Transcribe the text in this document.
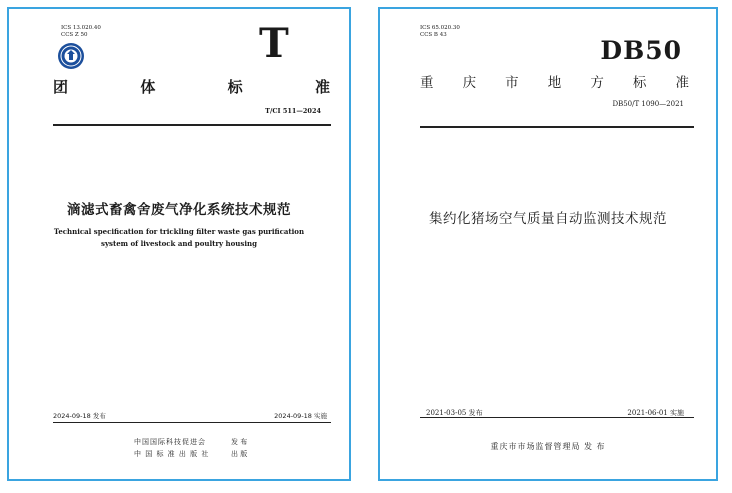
ICS 13.020.40
CCS Z 50	T
团	体	标	准
T/CI 511—2024
滴滤式畜禽舍废气净化系统技术规范
Technical specification for trickling filter waste gas purification system of livestock and poultry housing
2024-09-18 发布	2024-09-18 实施
中国国际科技促进会	发 布
中 国 标 准 出 版 社	出 版
ICS 65.020.30
CCS B 43
DB50
重 庆 市 地 方 标 准
DB50/T 1090—2021
集约化猪场空气质量自动监测技术规范
2021-03-05 发布	2021-06-01 实施
重庆市市场监督管理局 发 布
